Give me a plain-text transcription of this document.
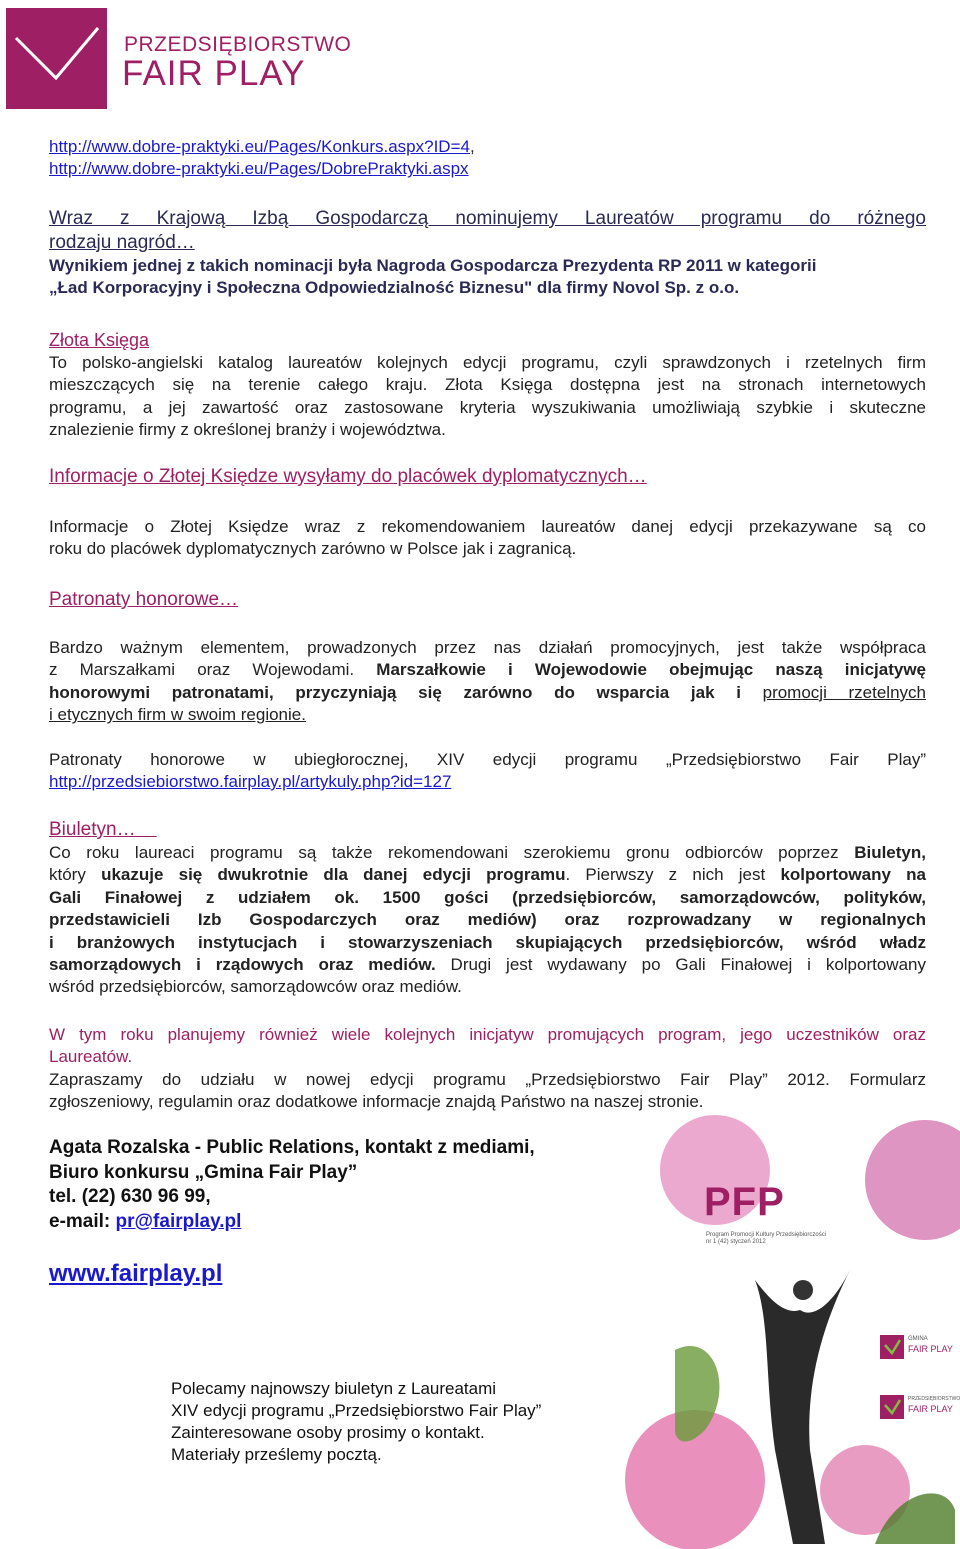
PRZEDSIĘBIORSTWO
FAIR PLAY
http://www.dobre-praktyki.eu/Pages/Konkurs.aspx?ID=4,
http://www.dobre-praktyki.eu/Pages/DobrePraktyki.aspx
Wraz z Krajową Izbą Gospodarczą nominujemy Laureatów programu do różnego
rodzaju nagród…
Wynikiem jednej z takich nominacji była Nagroda Gospodarcza Prezydenta RP 2011 w kategorii
„Ład Korporacyjny i Społeczna Odpowiedzialność Biznesu" dla firmy Novol Sp. z o.o.
Złota Księga
To polsko-angielski katalog laureatów kolejnych edycji programu, czyli sprawdzonych i rzetelnych firm
mieszczących się na terenie całego kraju. Złota Księga dostępna jest na stronach internetowych
programu, a jej zawartość oraz zastosowane kryteria wyszukiwania umożliwiają szybkie i skuteczne
znalezienie firmy z określonej branży i województwa.
Informacje o Złotej Księdze wysyłamy do placówek dyplomatycznych…
Informacje o Złotej Księdze wraz z rekomendowaniem laureatów danej edycji przekazywane są co
roku do placówek dyplomatycznych zarówno w Polsce jak i zagranicą.
Patronaty honorowe…
Bardzo ważnym elementem, prowadzonych przez nas działań promocyjnych, jest także współpraca
z Marszałkami oraz Wojewodami. Marszałkowie i Wojewodowie obejmując naszą inicjatywę
honorowymi patronatami, przyczyniają się zarówno do wsparcia jak i promocji rzetelnych
i etycznych firm w swoim regionie.
Patronaty honorowe w ubiegłorocznej, XIV edycji programu „Przedsiębiorstwo Fair Play”
http://przedsiebiorstwo.fairplay.pl/artykuly.php?id=127
Biuletyn…
Co roku laureaci programu są także rekomendowani szerokiemu gronu odbiorców poprzez Biuletyn,
który ukazuje się dwukrotnie dla danej edycji programu. Pierwszy z nich jest kolportowany na
Gali Finałowej z udziałem ok. 1500 gości (przedsiębiorców, samorządowców, polityków,
przedstawicieli Izb Gospodarczych oraz mediów) oraz rozprowadzany w regionalnych
i branżowych instytucjach i stowarzyszeniach skupiających przedsiębiorców, wśród władz
samorządowych i rządowych oraz mediów. Drugi jest wydawany po Gali Finałowej i kolportowany
wśród przedsiębiorców, samorządowców oraz mediów.
W tym roku planujemy również wiele kolejnych inicjatyw promujących program, jego uczestników oraz
Laureatów.
Zapraszamy do udziału w nowej edycji programu „Przedsiębiorstwo Fair Play” 2012. Formularz
zgłoszeniowy, regulamin oraz dodatkowe informacje znajdą Państwo na naszej stronie.
Agata Rozalska - Public Relations, kontakt z mediami,
Biuro konkursu „Gmina Fair Play”
tel. (22) 630 96 99,
e-mail: pr@fairplay.pl
www.fairplay.pl
Polecamy najnowszy biuletyn z Laureatami
XIV edycji programu „Przedsiębiorstwo Fair Play”
Zainteresowane osoby prosimy o kontakt.
Materiały prześlemy pocztą.
PFP
Program Promocji Kultury Przedsiębiorczości
nr 1 (42) styczeń 2012
GMINA
FAIR PLAY
PRZEDSIĘBIORSTWO
FAIR PLAY
